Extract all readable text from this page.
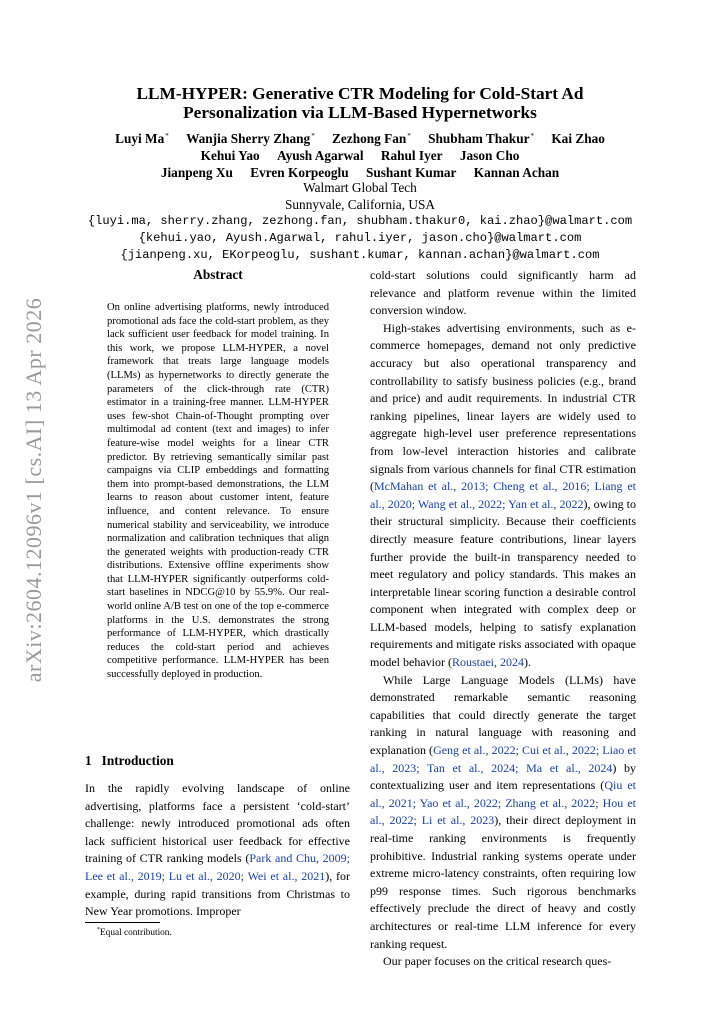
arXiv:2604.12096v1 [cs.AI] 13 Apr 2026
LLM-HYPER: Generative CTR Modeling for Cold-Start Ad
Personalization via LLM-Based Hypernetworks
Luyi Ma* Wanjia Sherry Zhang* Zezhong Fan* Shubham Thakur* Kai Zhao
Kehui Yao Ayush Agarwal Rahul Iyer Jason Cho
Jianpeng Xu Evren Korpeoglu Sushant Kumar Kannan Achan
Walmart Global Tech
Sunnyvale, California, USA
{luyi.ma, sherry.zhang, zezhong.fan, shubham.thakur0, kai.zhao}@walmart.com
{kehui.yao, Ayush.Agarwal, rahul.iyer, jason.cho}@walmart.com
{jianpeng.xu, EKorpeoglu, sushant.kumar, kannan.achan}@walmart.com
Abstract
On online advertising platforms, newly introduced promotional ads face the cold-start problem, as they lack sufficient user feedback for model training. In this work, we propose LLM-HYPER, a novel framework that treats large language models (LLMs) as hypernetworks to directly generate the parameters of the click-through rate (CTR) estimator in a training-free manner. LLM-HYPER uses few-shot Chain-of-Thought prompting over multimodal ad content (text and images) to infer feature-wise model weights for a linear CTR predictor. By retrieving semantically similar past campaigns via CLIP embeddings and formatting them into prompt-based demonstrations, the LLM learns to reason about customer intent, feature influence, and content relevance. To ensure numerical stability and serviceability, we introduce normalization and calibration techniques that align the generated weights with production-ready CTR distributions. Extensive offline experiments show that LLM-HYPER significantly outperforms cold-start baselines in NDCG@10 by 55.9%. Our real-world online A/B test on one of the top e-commerce platforms in the U.S. demonstrates the strong performance of LLM-HYPER, which drastically reduces the cold-start period and achieves competitive performance. LLM-HYPER has been successfully deployed in production.
1 Introduction

In the rapidly evolving landscape of online advertising, platforms face a persistent ‘cold-start’ challenge: newly introduced promotional ads often lack sufficient historical user feedback for effective training of CTR ranking models (Park and Chu, 2009; Lee et al., 2019; Lu et al., 2020; Wei et al., 2021), for example, during rapid transitions from Christmas to New Year promotions. Improper

cold-start solutions could significantly harm ad relevance and platform revenue within the limited conversion window.

High-stakes advertising environments, such as e-commerce homepages, demand not only predictive accuracy but also operational transparency and controllability to satisfy business policies (e.g., brand and price) and audit requirements. In industrial CTR ranking pipelines, linear layers are widely used to aggregate high-level user preference representations from low-level interaction histories and calibrate signals from various channels for final CTR estimation (McMahan et al., 2013; Cheng et al., 2016; Liang et al., 2020; Wang et al., 2022; Yan et al., 2022), owing to their structural simplicity. Because their coefficients directly measure feature contributions, linear layers further provide the built-in transparency needed to meet regulatory and policy standards. This makes an interpretable linear scoring function a desirable control component when integrated with complex deep or LLM-based models, helping to satisfy explanation requirements and mitigate risks associated with opaque model behavior (Roustaei, 2024).

While Large Language Models (LLMs) have demonstrated remarkable semantic reasoning capabilities that could directly generate the target ranking in natural language with reasoning and explanation (Geng et al., 2022; Cui et al., 2022; Liao et al., 2023; Tan et al., 2024; Ma et al., 2024) by contextualizing user and item representations (Qiu et al., 2021; Yao et al., 2022; Zhang et al., 2022; Hou et al., 2022; Li et al., 2023), their direct deployment in real-time ranking environments is frequently prohibitive. Industrial ranking systems operate under extreme micro-latency constraints, often requiring low p99 response times. Such rigorous benchmarks effectively preclude the direct of heavy and costly architectures or real-time LLM inference for every ranking request.

Our paper focuses on the critical research ques-

*Equal contribution.
